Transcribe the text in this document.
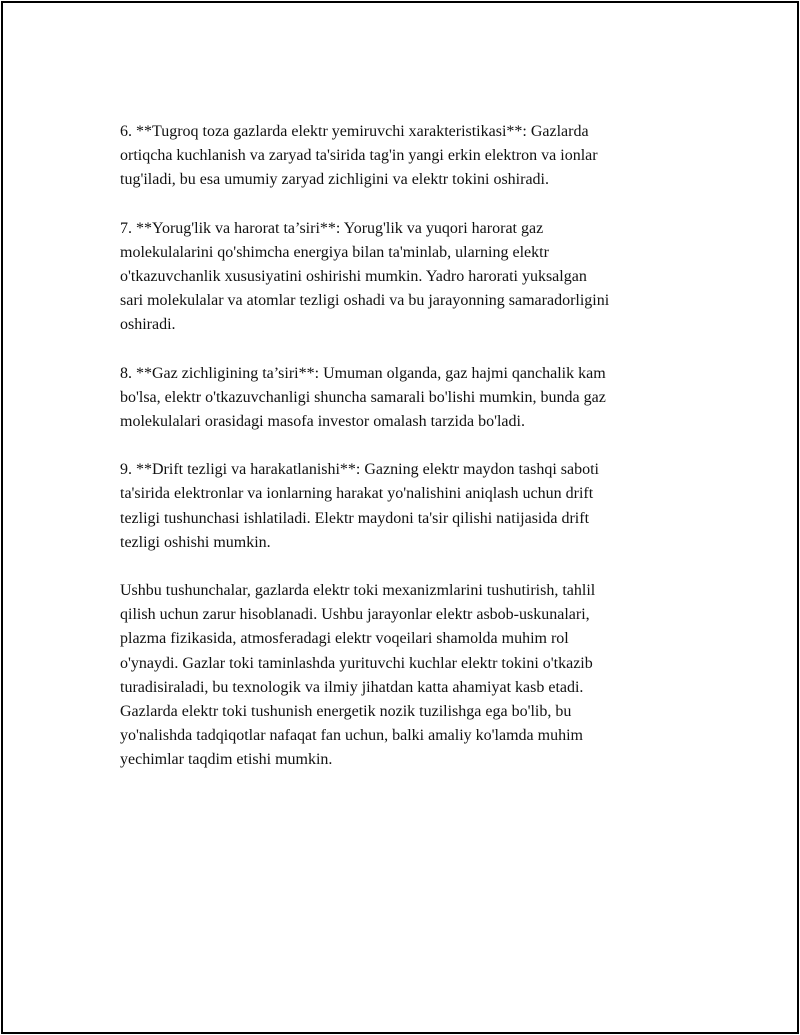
6. **Tugroq toza gazlarda elektr yemiruvchi xarakteristikasi**: Gazlarda
ortiqcha kuchlanish va zaryad ta'sirida tag'in yangi erkin elektron va ionlar
tug'iladi, bu esa umumiy zaryad zichligini va elektr tokini oshiradi.

7. **Yorug'lik va harorat ta’siri**: Yorug'lik va yuqori harorat gaz
molekulalarini qo'shimcha energiya bilan ta'minlab, ularning elektr
o'tkazuvchanlik xususiyatini oshirishi mumkin. Yadro harorati yuksalgan
sari molekulalar va atomlar tezligi oshadi va bu jarayonning samaradorligini
oshiradi.

8. **Gaz zichligining ta’siri**: Umuman olganda, gaz hajmi qanchalik kam
bo'lsa, elektr o'tkazuvchanligi shuncha samarali bo'lishi mumkin, bunda gaz
molekulalari orasidagi masofa investor omalash tarzida bo'ladi.

9. **Drift tezligi va harakatlanishi**: Gazning elektr maydon tashqi saboti
ta'sirida elektronlar va ionlarning harakat yo'nalishini aniqlash uchun drift
tezligi tushunchasi ishlatiladi. Elektr maydoni ta'sir qilishi natijasida drift
tezligi oshishi mumkin.

Ushbu tushunchalar, gazlarda elektr toki mexanizmlarini tushutirish, tahlil
qilish uchun zarur hisoblanadi. Ushbu jarayonlar elektr asbob-uskunalari,
plazma fizikasida, atmosferadagi elektr voqeilari shamolda muhim rol
o'ynaydi. Gazlar toki taminlashda yurituvchi kuchlar elektr tokini o'tkazib
turadisiraladi, bu texnologik va ilmiy jihatdan katta ahamiyat kasb etadi.
Gazlarda elektr toki tushunish energetik nozik tuzilishga ega bo'lib, bu
yo'nalishda tadqiqotlar nafaqat fan uchun, balki amaliy ko'lamda muhim
yechimlar taqdim etishi mumkin.
